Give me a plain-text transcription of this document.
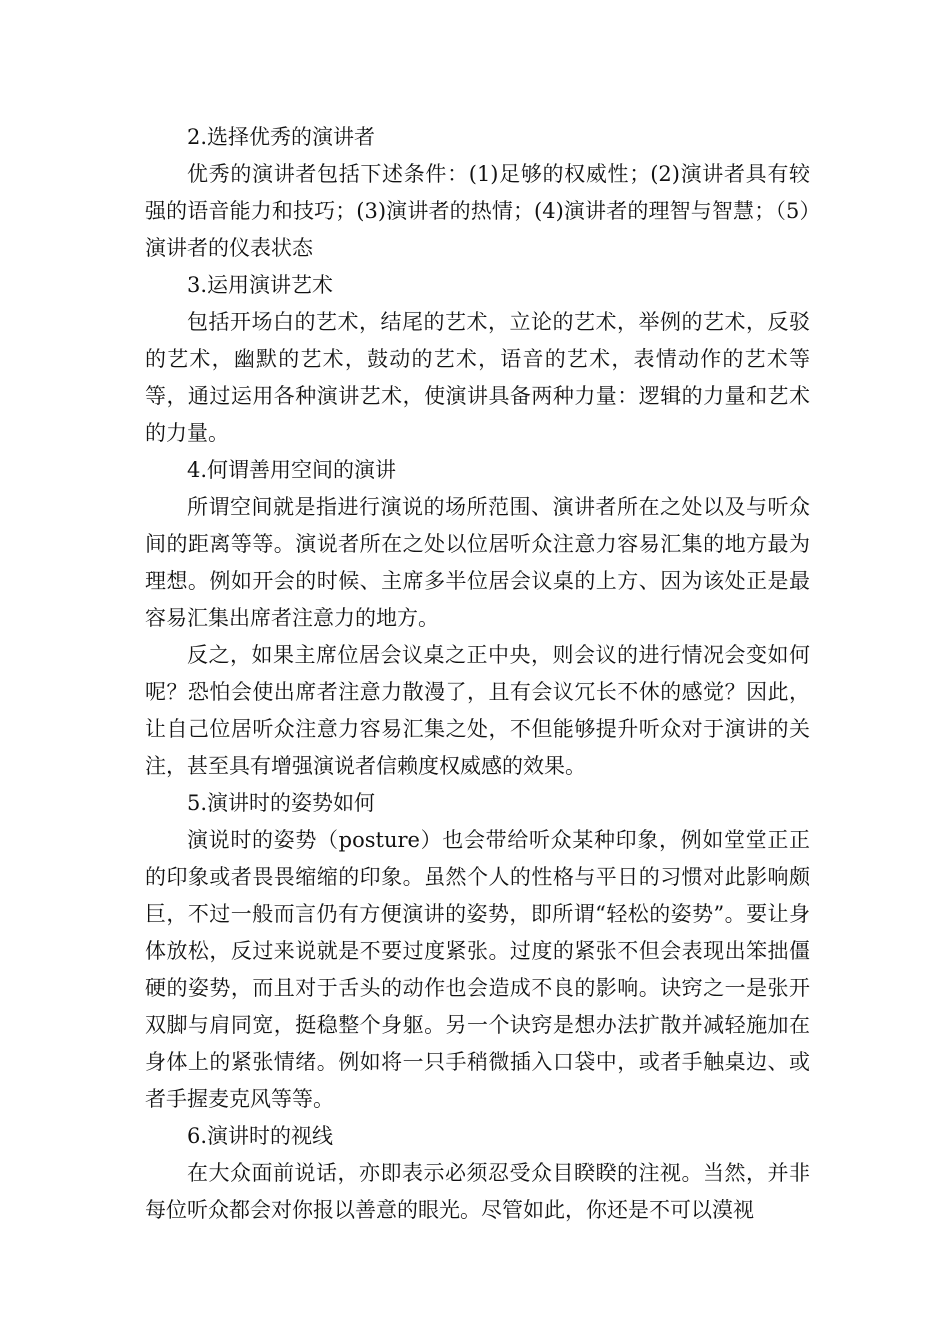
2.选择优秀的演讲者

优秀的演讲者包括下述条件：(1)足够的权威性；(2)演讲者具有较强的语音能力和技巧；(3)演讲者的热情；(4)演讲者的理智与智慧；（5）演讲者的仪表状态

3.运用演讲艺术

包括开场白的艺术，结尾的艺术，立论的艺术，举例的艺术，反驳的艺术，幽默的艺术，鼓动的艺术，语音的艺术，表情动作的艺术等等，通过运用各种演讲艺术，使演讲具备两种力量：逻辑的力量和艺术的力量。

4.何谓善用空间的演讲

所谓空间就是指进行演说的场所范围、演讲者所在之处以及与听众间的距离等等。演说者所在之处以位居听众注意力容易汇集的地方最为理想。例如开会的时候、主席多半位居会议桌的上方、因为该处正是最容易汇集出席者注意力的地方。

反之，如果主席位居会议桌之正中央，则会议的进行情况会变如何呢？恐怕会使出席者注意力散漫了，且有会议冗长不休的感觉？因此，让自己位居听众注意力容易汇集之处，不但能够提升听众对于演讲的关注，甚至具有增强演说者信赖度权威感的效果。

5.演讲时的姿势如何

演说时的姿势（posture）也会带给听众某种印象，例如堂堂正正的印象或者畏畏缩缩的印象。虽然个人的性格与平日的习惯对此影响颇巨，不过一般而言仍有方便演讲的姿势，即所谓“轻松的姿势”。要让身体放松，反过来说就是不要过度紧张。过度的紧张不但会表现出笨拙僵硬的姿势，而且对于舌头的动作也会造成不良的影响。诀窍之一是张开双脚与肩同宽，挺稳整个身躯。另一个诀窍是想办法扩散并减轻施加在身体上的紧张情绪。例如将一只手稍微插入口袋中，或者手触桌边、或者手握麦克风等等。

6.演讲时的视线

在大众面前说话，亦即表示必须忍受众目睽睽的注视。当然，并非每位听众都会对你报以善意的眼光。尽管如此，你还是不可以漠视
